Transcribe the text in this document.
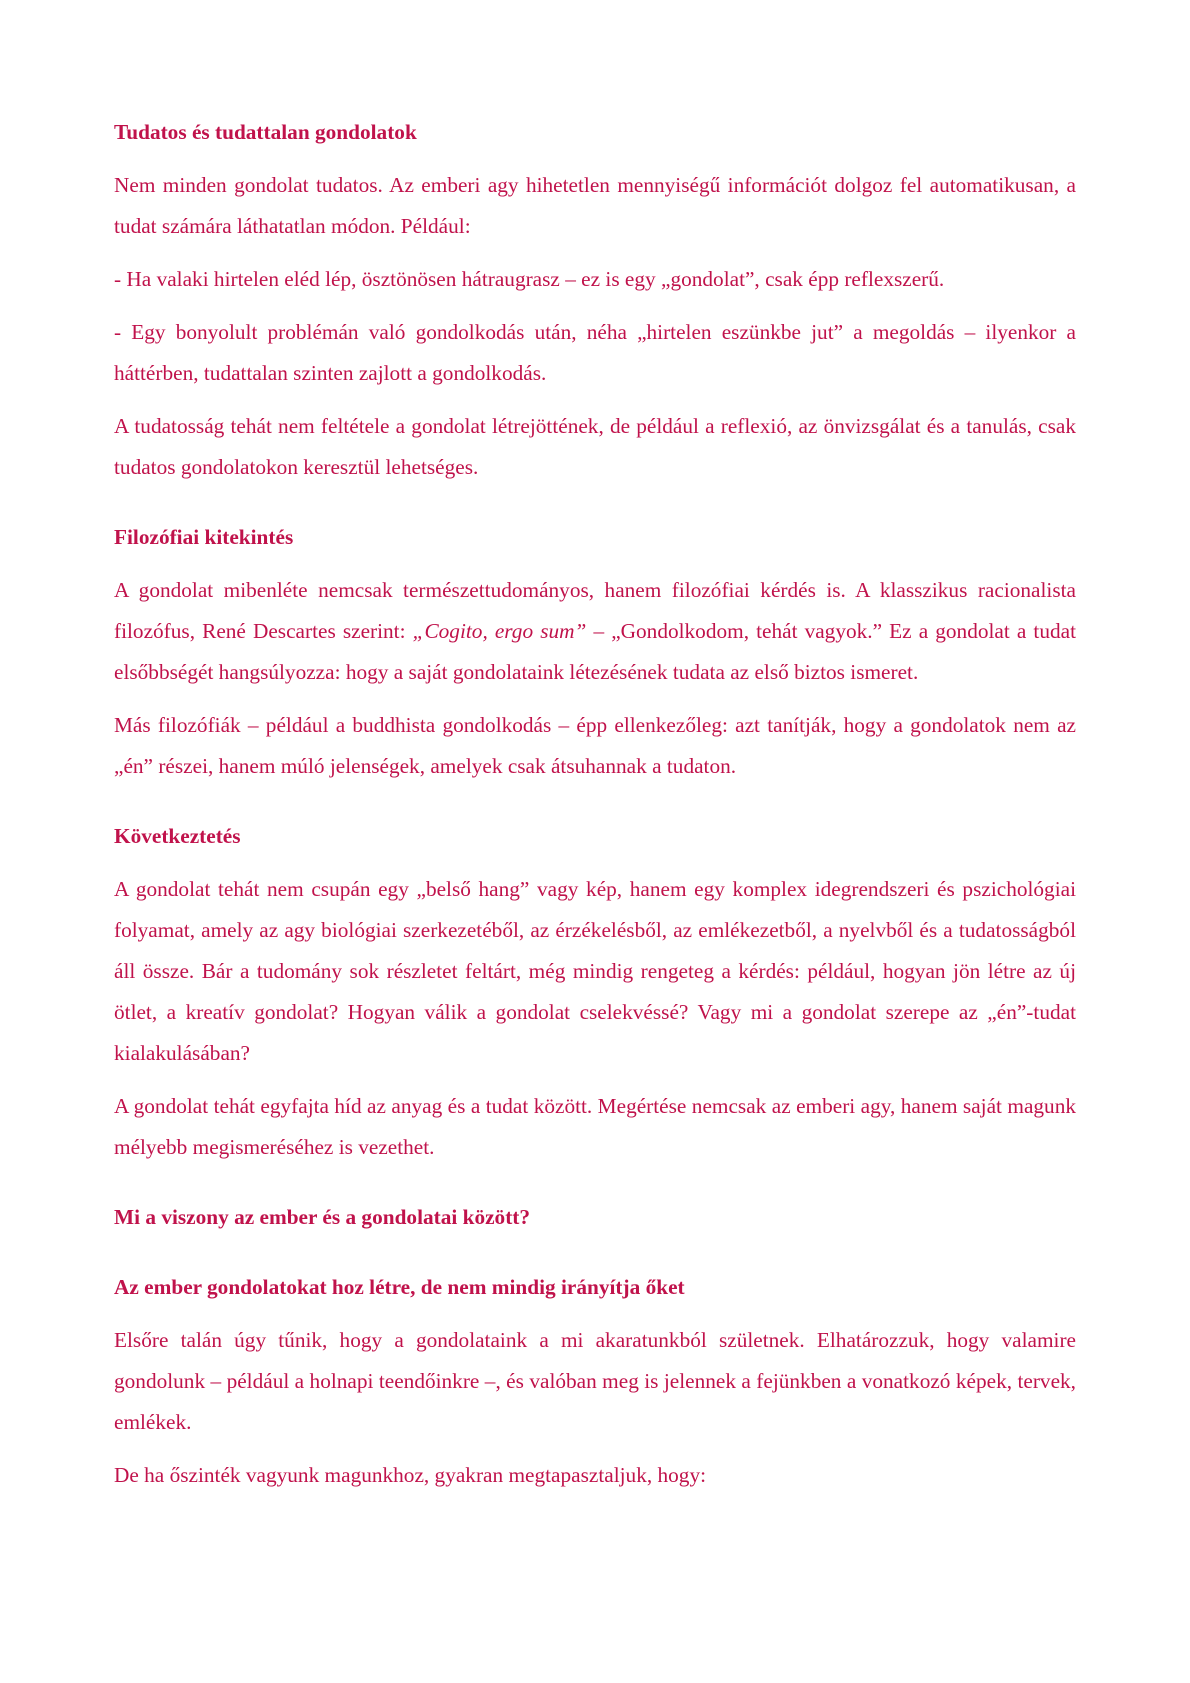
Tudatos és tudattalan gondolatok

Nem minden gondolat tudatos. Az emberi agy hihetetlen mennyiségű információt dolgoz fel automatikusan, a tudat számára láthatatlan módon. Például:

- Ha valaki hirtelen eléd lép, ösztönösen hátraugrasz – ez is egy „gondolat”, csak épp reflexszerű.

- Egy bonyolult problémán való gondolkodás után, néha „hirtelen eszünkbe jut” a megoldás – ilyenkor a háttérben, tudattalan szinten zajlott a gondolkodás.

A tudatosság tehát nem feltétele a gondolat létrejöttének, de például a reflexió, az önvizsgálat és a tanulás, csak tudatos gondolatokon keresztül lehetséges.

Filozófiai kitekintés

A gondolat mibenléte nemcsak természettudományos, hanem filozófiai kérdés is. A klasszikus racionalista filozófus, René Descartes szerint: „Cogito, ergo sum” – „Gondolkodom, tehát vagyok.” Ez a gondolat a tudat elsőbbségét hangsúlyozza: hogy a saját gondolataink létezésének tudata az első biztos ismeret.

Más filozófiák – például a buddhista gondolkodás – épp ellenkezőleg: azt tanítják, hogy a gondolatok nem az „én” részei, hanem múló jelenségek, amelyek csak átsuhannak a tudaton.

Következtetés

A gondolat tehát nem csupán egy „belső hang” vagy kép, hanem egy komplex idegrendszeri és pszichológiai folyamat, amely az agy biológiai szerkezetéből, az érzékelésből, az emlékezetből, a nyelvből és a tudatosságból áll össze. Bár a tudomány sok részletet feltárt, még mindig rengeteg a kérdés: például, hogyan jön létre az új ötlet, a kreatív gondolat? Hogyan válik a gondolat cselekvéssé? Vagy mi a gondolat szerepe az „én”-tudat kialakulásában?

A gondolat tehát egyfajta híd az anyag és a tudat között. Megértése nemcsak az emberi agy, hanem saját magunk mélyebb megismeréséhez is vezethet.

Mi a viszony az ember és a gondolatai között?
Az ember gondolatokat hoz létre, de nem mindig irányítja őket

Elsőre talán úgy tűnik, hogy a gondolataink a mi akaratunkból születnek. Elhatározzuk, hogy valamire gondolunk – például a holnapi teendőinkre –, és valóban meg is jelennek a fejünkben a vonatkozó képek, tervek, emlékek.

De ha őszinték vagyunk magunkhoz, gyakran megtapasztaljuk, hogy:
